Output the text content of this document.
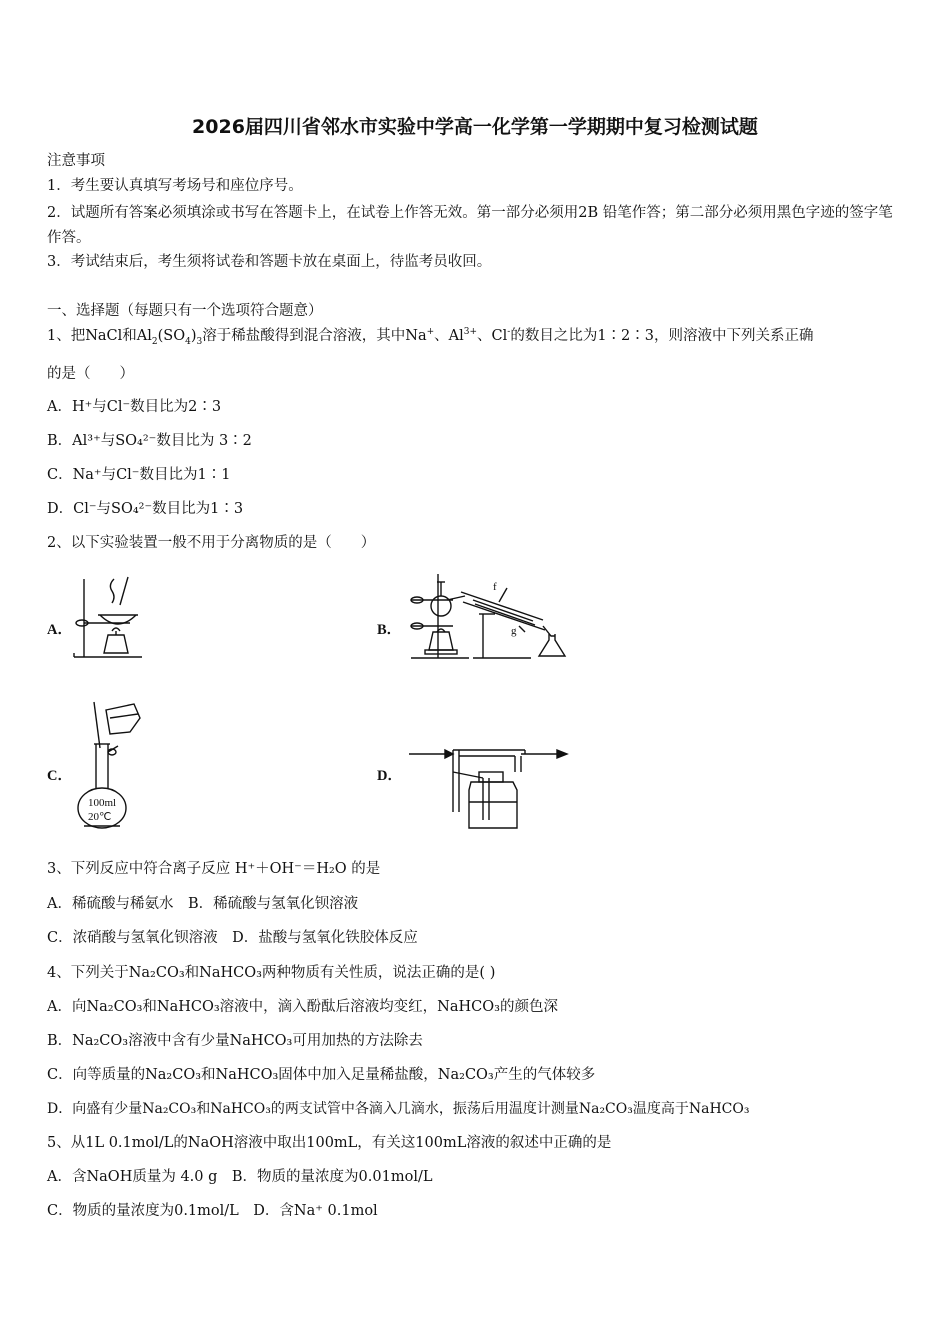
2026届四川省邻水市实验中学高一化学第一学期期中复习检测试题
注意事项
1．考生要认真填写考场号和座位序号。
2．试题所有答案必须填涂或书写在答题卡上，在试卷上作答无效。第一部分必须用2B 铅笔作答；第二部分必须用黑色字迹的签字笔作答。
3．考试结束后，考生须将试卷和答题卡放在桌面上，待监考员收回。
一、选择题（每题只有一个选项符合题意）
1、把NaCl和$Al_2(SO_4)_3$溶于稀盐酸得到混合溶液，其中Na+、$Al^{3+}$、Cl-的数目之比为1∶2∶3，则溶液中下列关系正确
的是（　　）
A．H⁺与Cl⁻数目比为2∶3
B．Al³⁺与SO₄²⁻数目比为 3∶2
C．Na⁺与Cl⁻数目比为1∶1
D．Cl⁻与SO₄²⁻数目比为1∶3
2、以下实验装置一般不用于分离物质的是（　　）
A．	B．
f
g
C．
100ml
20℃
D．
3、下列反应中符合离子反应 H⁺＋OH⁻＝H₂O 的是
A．稀硫酸与稀氨水　B．稀硫酸与氢氧化钡溶液
C．浓硝酸与氢氧化钡溶液　D．盐酸与氢氧化铁胶体反应
4、下列关于Na₂CO₃和NaHCO₃两种物质有关性质，说法正确的是( )
A．向Na₂CO₃和NaHCO₃溶液中，滴入酚酞后溶液均变红，NaHCO₃的颜色深
B．Na₂CO₃溶液中含有少量NaHCO₃可用加热的方法除去
C．向等质量的Na₂CO₃和NaHCO₃固体中加入足量稀盐酸，Na₂CO₃产生的气体较多
D．向盛有少量Na₂CO₃和NaHCO₃的两支试管中各滴入几滴水，振荡后用温度计测量Na₂CO₃温度高于NaHCO₃
5、从1L 0.1mol/L的NaOH溶液中取出100mL，有关这100mL溶液的叙述中正确的是
A．含NaOH质量为 4.0 g　B．物质的量浓度为0.01mol/L
C．物质的量浓度为0.1mol/L　D．含Na⁺ 0.1mol
